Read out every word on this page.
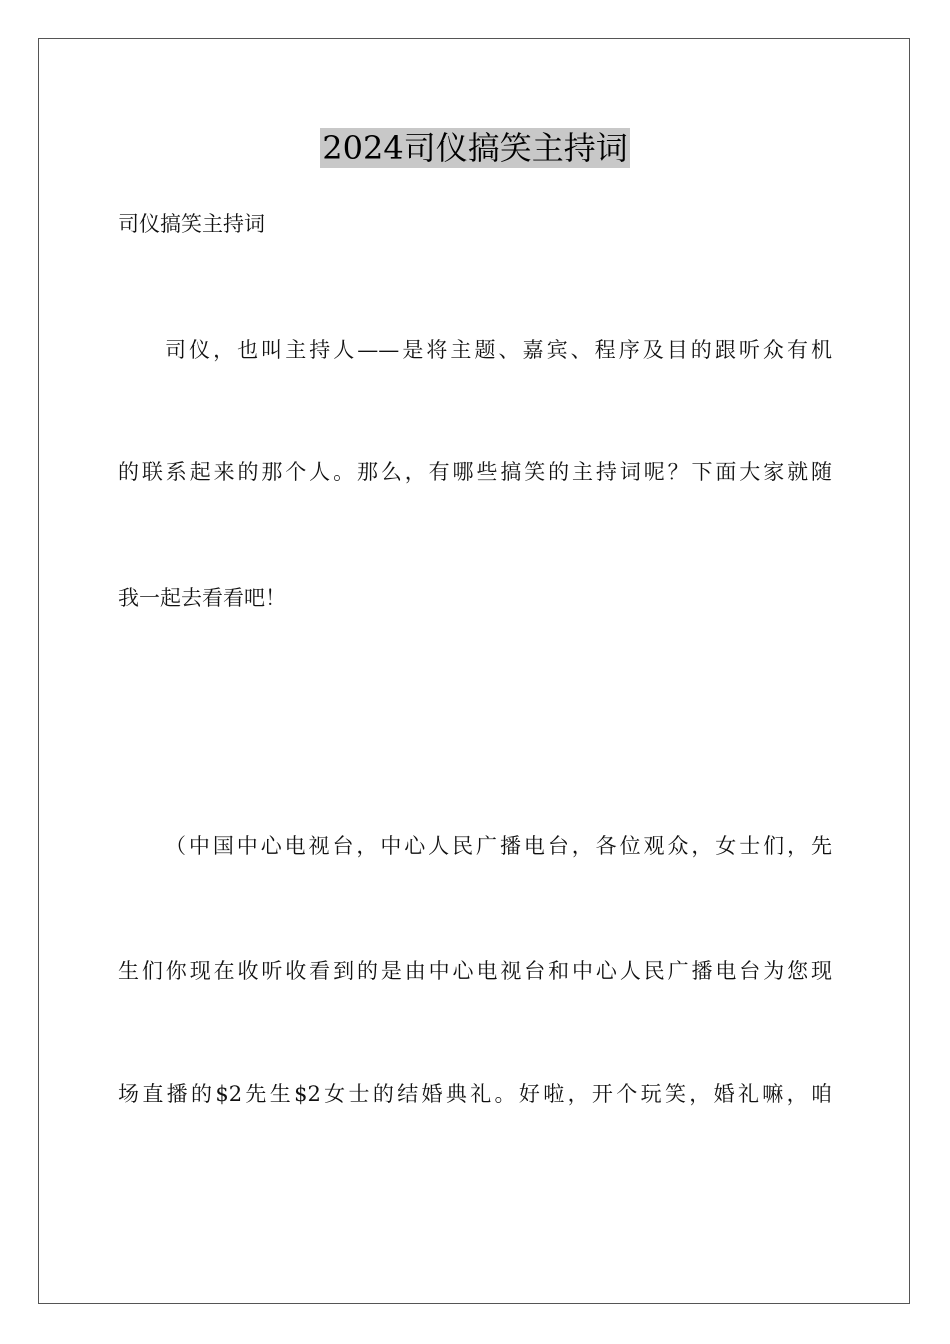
2024司仪搞笑主持词
司仪搞笑主持词
司仪，也叫主持人——是将主题、嘉宾、程序及目的跟听众有机
的联系起来的那个人。那么，有哪些搞笑的主持词呢？下面大家就随
我一起去看看吧！
（中国中心电视台，中心人民广播电台，各位观众，女士们，先
生们你现在收听收看到的是由中心电视台和中心人民广播电台为您现
场直播的$2先生$2女士的结婚典礼。好啦，开个玩笑，婚礼嘛，咱
